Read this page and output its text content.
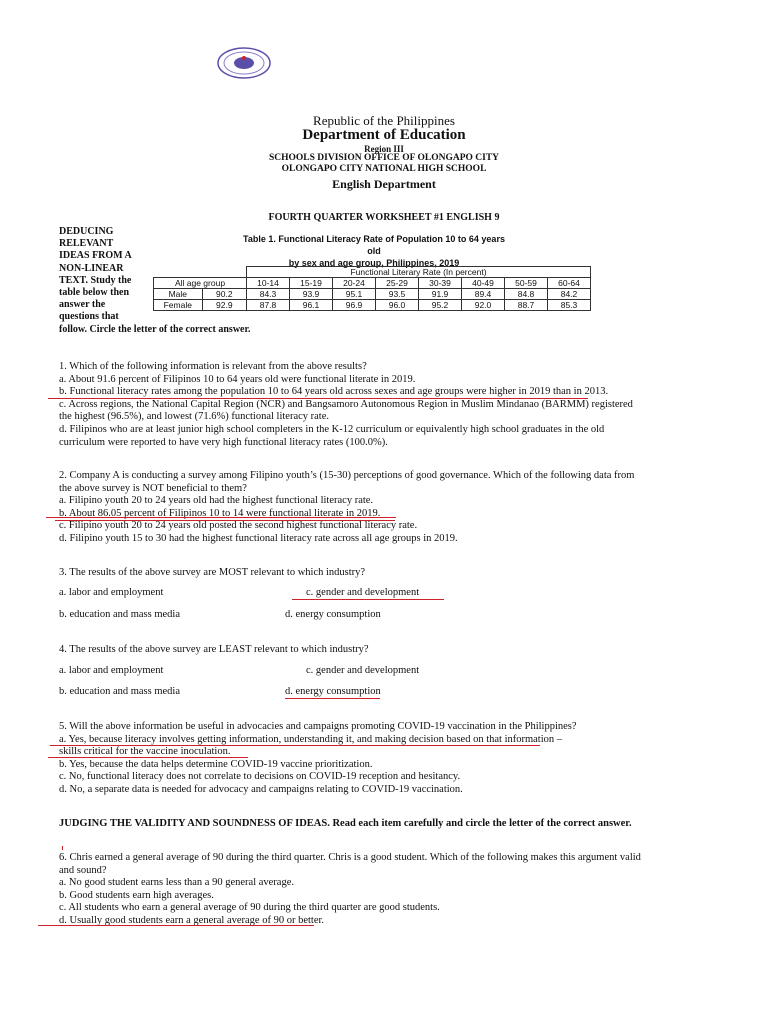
Republic of the Philippines
Department of Education
Region III
SCHOOLS DIVISION OFFICE OF OLONGAPO CITY
OLONGAPO CITY NATIONAL HIGH SCHOOL
English Department
FOURTH QUARTER WORKSHEET #1 ENGLISH 9
DEDUCING
RELEVANT
IDEAS FROM A
NON-LINEAR
TEXT. Study the
table below then
answer the
questions that
follow. Circle the letter of the correct answer.
Table 1. Functional Literacy Rate of Population 10 to 64 years old
by sex and age group, Philippines, 2019
		Functional Literary Rate (In percent)							
All age group		10-14	15-19	20-24	25-29	30-39	40-49	50-59	60-64
Male	90.2	84.3	93.9	95.1	93.5	91.9	89.4	84.8	84.2
Female	92.9	87.8	96.1	96.9	96.0	95.2	92.0	88.7	85.3
1. Which of the following information is relevant from the above results?
a. About 91.6 percent of Filipinos 10 to 64 years old were functional literate in 2019.
b. Functional literacy rates among the population 10 to 64 years old across sexes and age groups were higher in 2019 than in 2013.
c. Across regions, the National Capital Region (NCR) and Bangsamoro Autonomous Region in Muslim Mindanao (BARMM) registered
the highest (96.5%), and lowest (71.6%) functional literacy rate.
d. Filipinos who are at least junior high school completers in the K-12 curriculum or equivalently high school graduates in the old
curriculum were reported to have very high functional literacy rates (100.0%).
2. Company A is conducting a survey among Filipino youth’s (15-30) perceptions of good governance. Which of the following data from
the above survey is NOT beneficial to them?
a. Filipino youth 20 to 24 years old had the highest functional literacy rate.
b. About 86.05 percent of Filipinos 10 to 14 were functional literate in 2019.
c. Filipino youth 20 to 24 years old posted the second highest functional literacy rate.
d. Filipino youth 15 to 30 had the highest functional literacy rate across all age groups in 2019.
3. The results of the above survey are MOST relevant to which industry?
a. labor and employment	c. gender and development
b. education and mass media	d. energy consumption
4. The results of the above survey are LEAST relevant to which industry?
a. labor and employment	c. gender and development
b. education and mass media	d. energy consumption
5. Will the above information be useful in advocacies and campaigns promoting COVID-19 vaccination in the Philippines?
a. Yes, because literacy involves getting information, understanding it, and making decision based on that information –
skills critical for the vaccine inoculation.
b. Yes, because the data helps determine COVID-19 vaccine prioritization.
c. No, functional literacy does not correlate to decisions on COVID-19 reception and hesitancy.
d. No, a separate data is needed for advocacy and campaigns relating to COVID-19 vaccination.
JUDGING THE VALIDITY AND SOUNDNESS OF IDEAS. Read each item carefully and circle the letter of the correct answer.
6. Chris earned a general average of 90 during the third quarter. Chris is a good student. Which of the following makes this argument valid
and sound?
a. No good student earns less than a 90 general average.
b. Good students earn high averages.
c. All students who earn a general average of 90 during the third quarter are good students.
d. Usually good students earn a general average of 90 or better.
